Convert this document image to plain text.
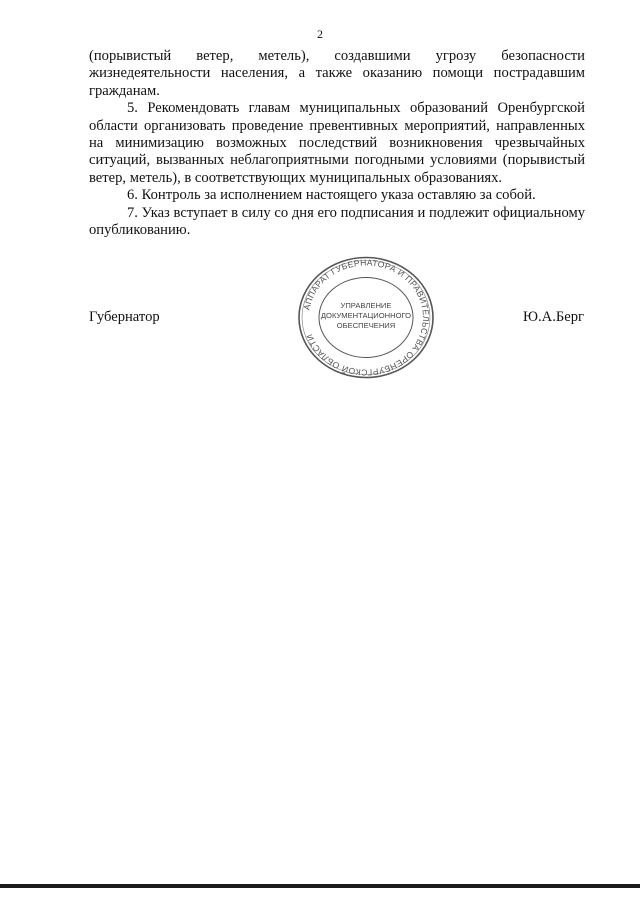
2

(порывистый ветер, метель), создавшими угрозу безопасности жизнедеятельности населения, а также оказанию помощи пострадавшим гражданам.

5. Рекомендовать главам муниципальных образований Оренбургской области организовать проведение превентивных мероприятий, направленных на минимизацию возможных последствий возникновения чрезвычайных ситуаций, вызванных неблагоприятными погодными условиями (порывистый ветер, метель), в соответствующих муниципальных образованиях.

6. Контроль за исполнением настоящего указа оставляю за собой.

7. Указ вступает в силу со дня его подписания и подлежит официальному опубликованию.

Губернатор	Ю.А.Берг
АППАРАТ ГУБЕРНАТОРА И ПРАВИТЕЛЬСТВА ОРЕНБУРГСКОЙ ОБЛАСТИ
УПРАВЛЕНИЕ
ДОКУМЕНТАЦИОННОГО
ОБЕСПЕЧЕНИЯ
